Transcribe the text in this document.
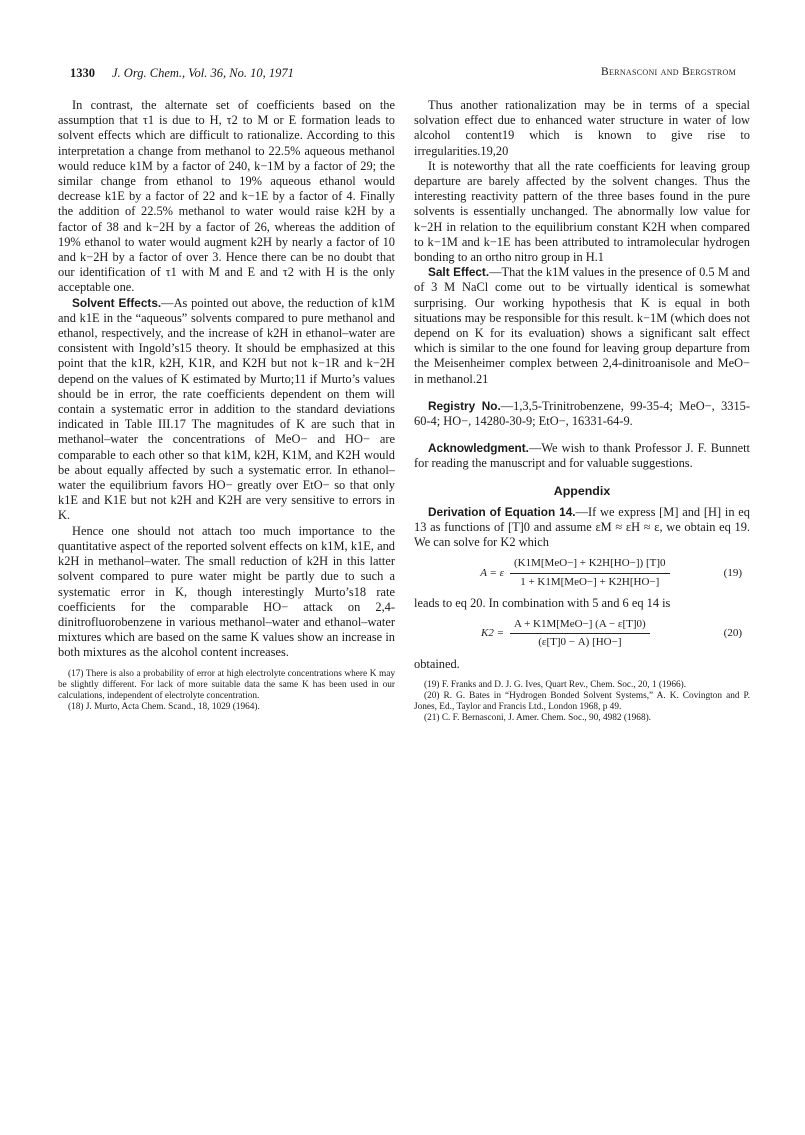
1330 J. Org. Chem., Vol. 36, No. 10, 1971	Bernasconi and Bergstrom

In contrast, the alternate set of coefficients based on the assumption that τ1 is due to H, τ2 to M or E formation leads to solvent effects which are difficult to rationalize. According to this interpretation a change from methanol to 22.5% aqueous methanol would reduce k1M by a factor of 240, k−1M by a factor of 29; the similar change from ethanol to 19% aqueous ethanol would decrease k1E by a factor of 22 and k−1E by a factor of 4. Finally the addition of 22.5% methanol to water would raise k2H by a factor of 38 and k−2H by a factor of 26, whereas the addition of 19% ethanol to water would augment k2H by nearly a factor of 10 and k−2H by a factor of over 3. Hence there can be no doubt that our identification of τ1 with M and E and τ2 with H is the only acceptable one.

Solvent Effects.—As pointed out above, the reduction of k1M and k1E in the “aqueous” solvents compared to pure methanol and ethanol, respectively, and the increase of k2H in ethanol–water are consistent with Ingold’s15 theory. It should be emphasized at this point that the k1R, k2H, K1R, and K2H but not k−1R and k−2H depend on the values of K estimated by Murto;11 if Murto’s values should be in error, the rate coefficients dependent on them will contain a systematic error in addition to the standard deviations indicated in Table III.17 The magnitudes of K are such that in methanol–water the concentrations of MeO− and HO− are comparable to each other so that k1M, k2H, K1M, and K2H would be about equally affected by such a systematic error. In ethanol–water the equilibrium favors HO− greatly over EtO− so that only k1E and K1E but not k2H and K2H are very sensitive to errors in K.

Hence one should not attach too much importance to the quantitative aspect of the reported solvent effects on k1M, k1E, and k2H in methanol–water. The small reduction of k2H in this latter solvent compared to pure water might be partly due to such a systematic error in K, though interestingly Murto’s18 rate coefficients for the comparable HO− attack on 2,4-dinitrofluorobenzene in various methanol–water and ethanol–water mixtures which are based on the same K values show an increase in both mixtures as the alcohol content increases.

(17) There is also a probability of error at high electrolyte concentrations where K may be slightly different. For lack of more suitable data the same K has been used in our calculations, independent of electrolyte concentration.

(18) J. Murto, Acta Chem. Scand., 18, 1029 (1964).

Thus another rationalization may be in terms of a special solvation effect due to enhanced water structure in water of low alcohol content19 which is known to give rise to irregularities.19,20

It is noteworthy that all the rate coefficients for leaving group departure are barely affected by the solvent changes. Thus the interesting reactivity pattern of the three bases found in the pure solvents is essentially unchanged. The abnormally low value for k−2H in relation to the equilibrium constant K2H when compared to k−1M and k−1E has been attributed to intramolecular hydrogen bonding to an ortho nitro group in H.1

Salt Effect.—That the k1M values in the presence of 0.5 M and of 3 M NaCl come out to be virtually identical is somewhat surprising. Our working hypothesis that K is equal in both situations may be responsible for this result. k−1M (which does not depend on K for its evaluation) shows a significant salt effect which is similar to the one found for leaving group departure from the Meisenheimer complex between 2,4-dinitroanisole and MeO− in methanol.21

Registry No.—1,3,5-Trinitrobenzene, 99-35-4; MeO−, 3315-60-4; HO−, 14280-30-9; EtO−, 16331-64-9.

Acknowledgment.—We wish to thank Professor J. F. Bunnett for reading the manuscript and for valuable suggestions.

Appendix

Derivation of Equation 14.—If we express [M] and [H] in eq 13 as functions of [T]0 and assume εM ≈ εH ≈ ε, we obtain eq 19. We can solve for K2 which

A = ε $\frac{\text{(K1M[MeO−] + K2H[HO−]) [T]0}}{\text{1 + K1M[MeO−] + K2H[HO−]}}$	(19)

leads to eq 20. In combination with 5 and 6 eq 14 is

$K2 = \frac{\text{A + K1M[MeO−] (A − ε[T]0)}}{(\varepsilon[T]0 - A) [HO-]}$	(20)

obtained.

(19) F. Franks and D. J. G. Ives, Quart Rev., Chem. Soc., 20, 1 (1966).

(20) R. G. Bates in “Hydrogen Bonded Solvent Systems,” A. K. Covington and P. Jones, Ed., Taylor and Francis Ltd., London 1968, p 49.

(21) C. F. Bernasconi, J. Amer. Chem. Soc., 90, 4982 (1968).
